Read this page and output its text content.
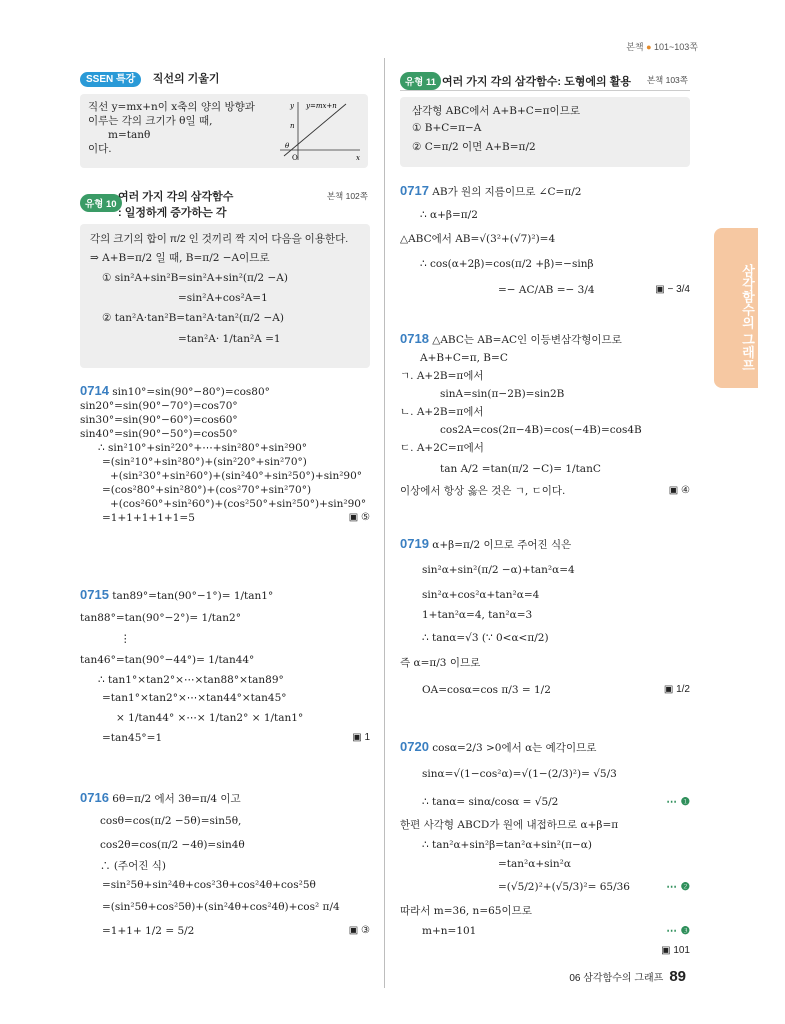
본책 ● 101~103쪽
06
삼각함수의 그래프
SSEN 특강 직선의 기울기
직선 y=mx+n이 x축의 양의 방향과
이루는 각의 크기가 θ일 때,
m=tanθ
이다.
y y=mx+n
n
θ
O	x
유형 10
여러 가지 각의 삼각함수
: 일정하게 증가하는 각
본책 102쪽
각의 크기의 합이 π/2 인 것끼리 짝 지어 다음을 이용한다.
⇒ A+B=π/2 일 때, B=π/2 −A이므로
① sin²A+sin²B=sin²A+sin²(π/2 −A)
=sin²A+cos²A=1
② tan²A·tan²B=tan²A·tan²(π/2 −A)
=tan²A· 1/tan²A =1
0714 sin10°=sin(90°−80°)=cos80°
sin20°=sin(90°−70°)=cos70°
sin30°=sin(90°−60°)=cos60°
sin40°=sin(90°−50°)=cos50°
∴ sin²10°+sin²20°+⋯+sin²80°+sin²90°
=(sin²10°+sin²80°)+(sin²20°+sin²70°)
+(sin²30°+sin²60°)+(sin²40°+sin²50°)+sin²90°
=(cos²80°+sin²80°)+(cos²70°+sin²70°)
+(cos²60°+sin²60°)+(cos²50°+sin²50°)+sin²90°
=1+1+1+1+1=5	▣ ⑤
0715 tan89°=tan(90°−1°)= 1/tan1°
tan88°=tan(90°−2°)= 1/tan2°
⋮
tan46°=tan(90°−44°)= 1/tan44°
∴ tan1°×tan2°×⋯×tan88°×tan89°
=tan1°×tan2°×⋯×tan44°×tan45°
× 1/tan44° ×⋯× 1/tan2° × 1/tan1°
=tan45°=1	▣ 1
0716 6θ=π/2 에서 3θ=π/4 이고
cosθ=cos(π/2 −5θ)=sin5θ,
cos2θ=cos(π/2 −4θ)=sin4θ
∴ (주어진 식)
=sin²5θ+sin²4θ+cos²3θ+cos²4θ+cos²5θ
=(sin²5θ+cos²5θ)+(sin²4θ+cos²4θ)+cos² π/4
=1+1+ 1/2 = 5/2	▣ ③
유형 11 여러 가지 각의 삼각함수: 도형에의 활용 본책 103쪽
삼각형 ABC에서 A+B+C=π이므로
① B+C=π−A
② C=π/2 이면 A+B=π/2
0717 AB가 원의 지름이므로 ∠C=π/2
∴ α+β=π/2
△ABC에서 AB=√(3²+(√7)²)=4
∴ cos(α+2β)=cos(π/2 +β)=−sinβ
=− AC/AB =− 3/4	▣ − 3/4
0718 △ABC는 AB=AC인 이등변삼각형이므로
A+B+C=π, B=C
ㄱ. A+2B=π에서
sinA=sin(π−2B)=sin2B
ㄴ. A+2B=π에서
cos2A=cos(2π−4B)=cos(−4B)=cos4B
ㄷ. A+2C=π에서
tan A/2 =tan(π/2 −C)= 1/tanC
이상에서 항상 옳은 것은 ㄱ, ㄷ이다.	▣ ④
0719 α+β=π/2 이므로 주어진 식은
sin²α+sin²(π/2 −α)+tan²α=4
sin²α+cos²α+tan²α=4
1+tan²α=4, tan²α=3
∴ tanα=√3 (∵ 0<α<π/2)
즉 α=π/3 이므로
OA=cosα=cos π/3 = 1/2	▣ 1/2
0720 cosα=2/3 >0에서 α는 예각이므로
sinα=√(1−cos²α)=√(1−(2/3)²)= √5/3
∴ tanα= sinα/cosα = √5/2	⋯ ❶
한편 사각형 ABCD가 원에 내접하므로 α+β=π
∴ tan²α+sin²β=tan²α+sin²(π−α)
=tan²α+sin²α
=(√5/2)²+(√5/3)²= 65/36	⋯ ❷
따라서 m=36, n=65이므로
m+n=101	⋯ ❸
▣ 101
06 삼각함수의 그래프 89
